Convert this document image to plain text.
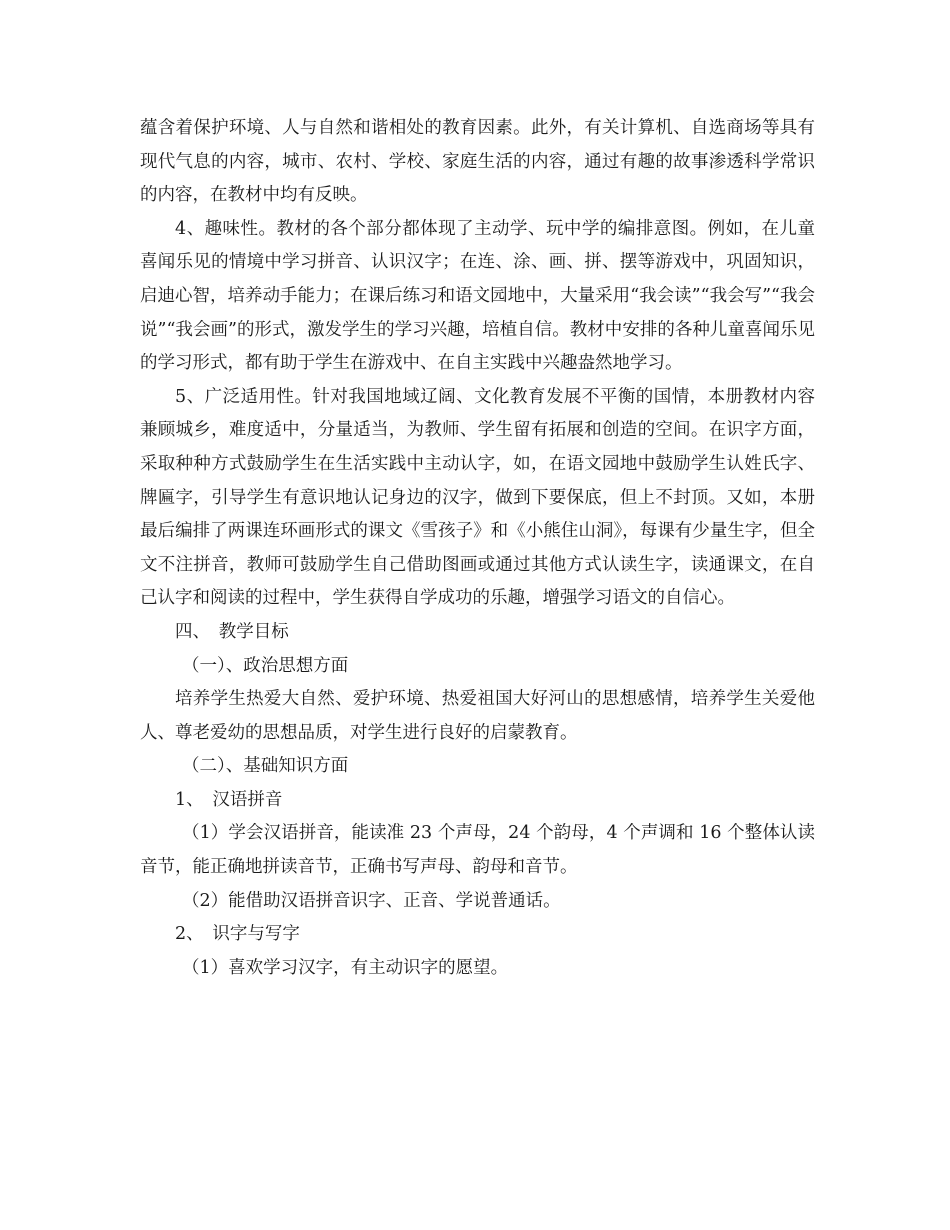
蕴含着保护环境、人与自然和谐相处的教育因素。此外，有关计算机、自选商场等具有现代气息的内容，城市、农村、学校、家庭生活的内容，通过有趣的故事渗透科学常识的内容，在教材中均有反映。

4、趣味性。教材的各个部分都体现了主动学、玩中学的编排意图。例如，在儿童喜闻乐见的情境中学习拼音、认识汉字；在连、涂、画、拼、摆等游戏中，巩固知识，启迪心智，培养动手能力；在课后练习和语文园地中，大量采用“我会读”“我会写”“我会说”“我会画”的形式，激发学生的学习兴趣，培植自信。教材中安排的各种儿童喜闻乐见的学习形式，都有助于学生在游戏中、在自主实践中兴趣盎然地学习。

5、广泛适用性。针对我国地域辽阔、文化教育发展不平衡的国情，本册教材内容兼顾城乡，难度适中，分量适当，为教师、学生留有拓展和创造的空间。在识字方面，采取种种方式鼓励学生在生活实践中主动认字，如，在语文园地中鼓励学生认姓氏字、牌匾字，引导学生有意识地认记身边的汉字，做到下要保底，但上不封顶。又如，本册最后编排了两课连环画形式的课文《雪孩子》和《小熊住山洞》，每课有少量生字，但全文不注拼音，教师可鼓励学生自己借助图画或通过其他方式认读生字，读通课文，在自己认字和阅读的过程中，学生获得自学成功的乐趣，增强学习语文的自信心。

四、　教学目标

（一）、政治思想方面

培养学生热爱大自然、爱护环境、热爱祖国大好河山的思想感情，培养学生关爱他人、尊老爱幼的思想品质，对学生进行良好的启蒙教育。

（二）、基础知识方面

1、　汉语拼音

（1）学会汉语拼音，能读准 23 个声母，24 个韵母，4 个声调和 16 个整体认读音节，能正确地拼读音节，正确书写声母、韵母和音节。

（2）能借助汉语拼音识字、正音、学说普通话。

2、　识字与写字

（1）喜欢学习汉字，有主动识字的愿望。
